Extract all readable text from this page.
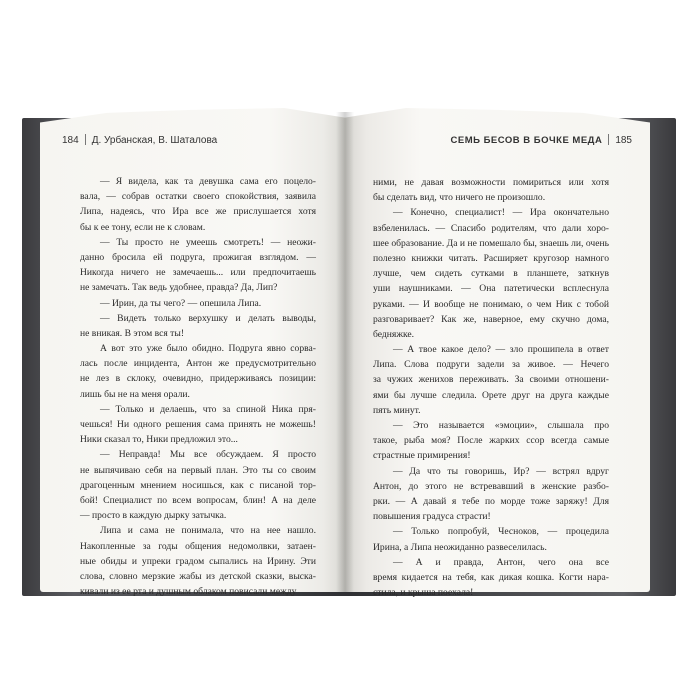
184 Д. Урбанская, В. Шаталова	СЕМЬ БЕСОВ В БОЧКЕ МЕДА 185
— Я видела, как та девушка сама его поцело-
вала, — собрав остатки своего спокойствия, заявила
Липа, надеясь, что Ира все же прислушается хотя
бы к ее тону, если не к словам.
— Ты просто не умеешь смотреть! — неожи-
данно бросила ей подруга, прожигая взглядом. —
Никогда ничего не замечаешь... или предпочитаешь
не замечать. Так ведь удобнее, правда? Да, Лип?
— Ирин, да ты чего? — опешила Липа.
— Видеть только верхушку и делать выводы,
не вникая. В этом вся ты!
А вот это уже было обидно. Подруга явно сорва-
лась после инцидента, Антон же предусмотрительно
не лез в склоку, очевидно, придерживаясь позиции:
лишь бы не на меня орали.
— Только и делаешь, что за спиной Ника пря-
чешься! Ни одного решения сама принять не можешь!
Ники сказал то, Ники предложил это...
— Неправда! Мы все обсуждаем. Я просто
не выпячиваю себя на первый план. Это ты со своим
драгоценным мнением носишься, как с писаной тор-
бой! Специалист по всем вопросам, блин! А на деле
— просто в каждую дырку затычка.
Липа и сама не понимала, что на нее нашло.
Накопленные за годы общения недомолвки, затаен-
ные обиды и упреки градом сыпались на Ирину. Эти
слова, словно мерзкие жабы из детской сказки, выска-
кивали из ее рта и душным облаком повисали между
ними, не давая возможности помириться или хотя
бы сделать вид, что ничего не произошло.
— Конечно, специалист! — Ира окончательно
взбеленилась. — Спасибо родителям, что дали хоро-
шее образование. Да и не помешало бы, знаешь ли, очень
полезно книжки читать. Расширяет кругозор намного
лучше, чем сидеть сутками в планшете, заткнув
уши наушниками. — Она патетически всплеснула
руками. — И вообще не понимаю, о чем Ник с тобой
разговаривает? Как же, наверное, ему скучно дома,
бедняжке.
— А твое какое дело? — зло прошипела в ответ
Липа. Слова подруги задели за живое. — Нечего
за чужих женихов переживать. За своими отношени-
ями бы лучше следила. Орете друг на друга каждые
пять минут.
— Это называется «эмоции», слышала про
такое, рыба моя? После жарких ссор всегда самые
страстные примирения!
— Да что ты говоришь, Ир? — встрял вдруг
Антон, до этого не встревавший в женские разбо-
рки. — А давай я тебе по морде тоже заряжу! Для
повышения градуса страсти!
— Только попробуй, Чесноков, — процедила
Ирина, а Липа неожиданно развеселилась.
— А и правда, Антон, чего она все
время кидается на тебя, как дикая кошка. Когти нара-
стила, и крыша поехала!
